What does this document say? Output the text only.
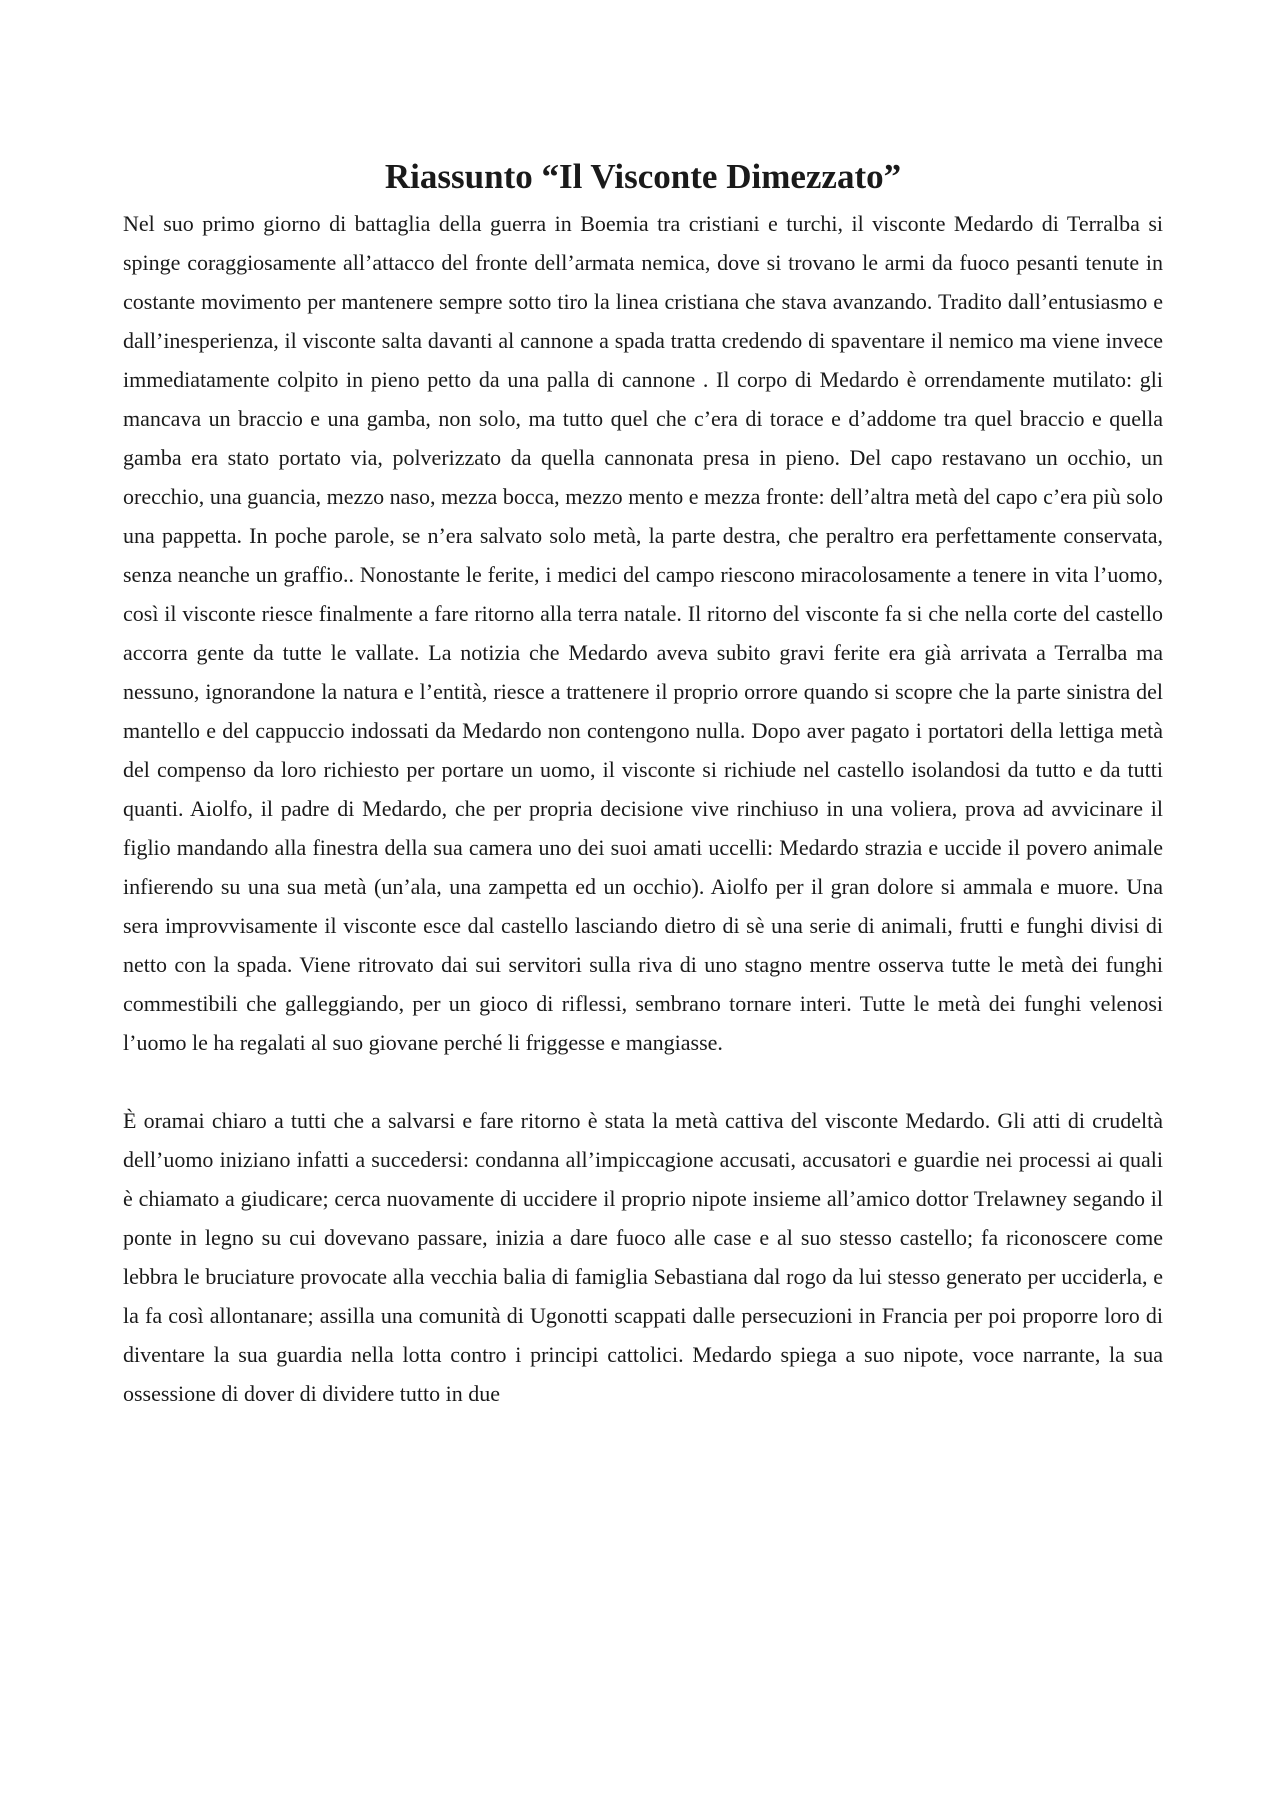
Riassunto “Il Visconte Dimezzato”

Nel suo primo giorno di battaglia della guerra in Boemia tra cristiani e turchi, il visconte Medardo di Terralba si spinge coraggiosamente all’attacco del fronte dell’armata nemica, dove si trovano le armi da fuoco pesanti tenute in costante movimento per mantenere sempre sotto tiro la linea cristiana che stava avanzando. Tradito dall’entusiasmo e dall’inesperienza, il visconte salta davanti al cannone a spada tratta credendo di spaventare il nemico ma viene invece immediatamente colpito in pieno petto da una palla di cannone . Il corpo di Medardo è orrendamente mutilato: gli mancava un braccio e una gamba, non solo, ma tutto quel che c’era di torace e d’addome tra quel braccio e quella gamba era stato portato via, polverizzato da quella cannonata presa in pieno. Del capo restavano un occhio, un orecchio, una guancia, mezzo naso, mezza bocca, mezzo mento e mezza fronte: dell’altra metà del capo c’era più solo una pappetta. In poche parole, se n’era salvato solo metà, la parte destra, che peraltro era perfettamente conservata, senza neanche un graffio.. Nonostante le ferite, i medici del campo riescono miracolosamente a tenere in vita l’uomo, così il visconte riesce finalmente a fare ritorno alla terra natale. Il ritorno del visconte fa si che nella corte del castello accorra gente da tutte le vallate. La notizia che Medardo aveva subito gravi ferite era già arrivata a Terralba ma nessuno, ignorandone la natura e l’entità, riesce a trattenere il proprio orrore quando si scopre che la parte sinistra del mantello e del cappuccio indossati da Medardo non contengono nulla. Dopo aver pagato i portatori della lettiga metà del compenso da loro richiesto per portare un uomo, il visconte si richiude nel castello isolandosi da tutto e da tutti quanti. Aiolfo, il padre di Medardo, che per propria decisione vive rinchiuso in una voliera, prova ad avvicinare il figlio mandando alla finestra della sua camera uno dei suoi amati uccelli: Medardo strazia e uccide il povero animale infierendo su una sua metà (un’ala, una zampetta ed un occhio). Aiolfo per il gran dolore si ammala e muore. Una sera improvvisamente il visconte esce dal castello lasciando dietro di sè una serie di animali, frutti e funghi divisi di netto con la spada. Viene ritrovato dai sui servitori sulla riva di uno stagno mentre osserva tutte le metà dei funghi commestibili che galleggiando, per un gioco di riflessi, sembrano tornare interi. Tutte le metà dei funghi velenosi l’uomo le ha regalati al suo giovane perché li friggesse e mangiasse.

È oramai chiaro a tutti che a salvarsi e fare ritorno è stata la metà cattiva del visconte Medardo. Gli atti di crudeltà dell’uomo iniziano infatti a succedersi: condanna all’impiccagione accusati, accusatori e guardie nei processi ai quali è chiamato a giudicare; cerca nuovamente di uccidere il proprio nipote insieme all’amico dottor Trelawney segando il ponte in legno su cui dovevano passare, inizia a dare fuoco alle case e al suo stesso castello; fa riconoscere come lebbra le bruciature provocate alla vecchia balia di famiglia Sebastiana dal rogo da lui stesso generato per ucciderla, e la fa così allontanare; assilla una comunità di Ugonotti scappati dalle persecuzioni in Francia per poi proporre loro di diventare la sua guardia nella lotta contro i principi cattolici. Medardo spiega a suo nipote, voce narrante, la sua ossessione di dover di dividere tutto in due
